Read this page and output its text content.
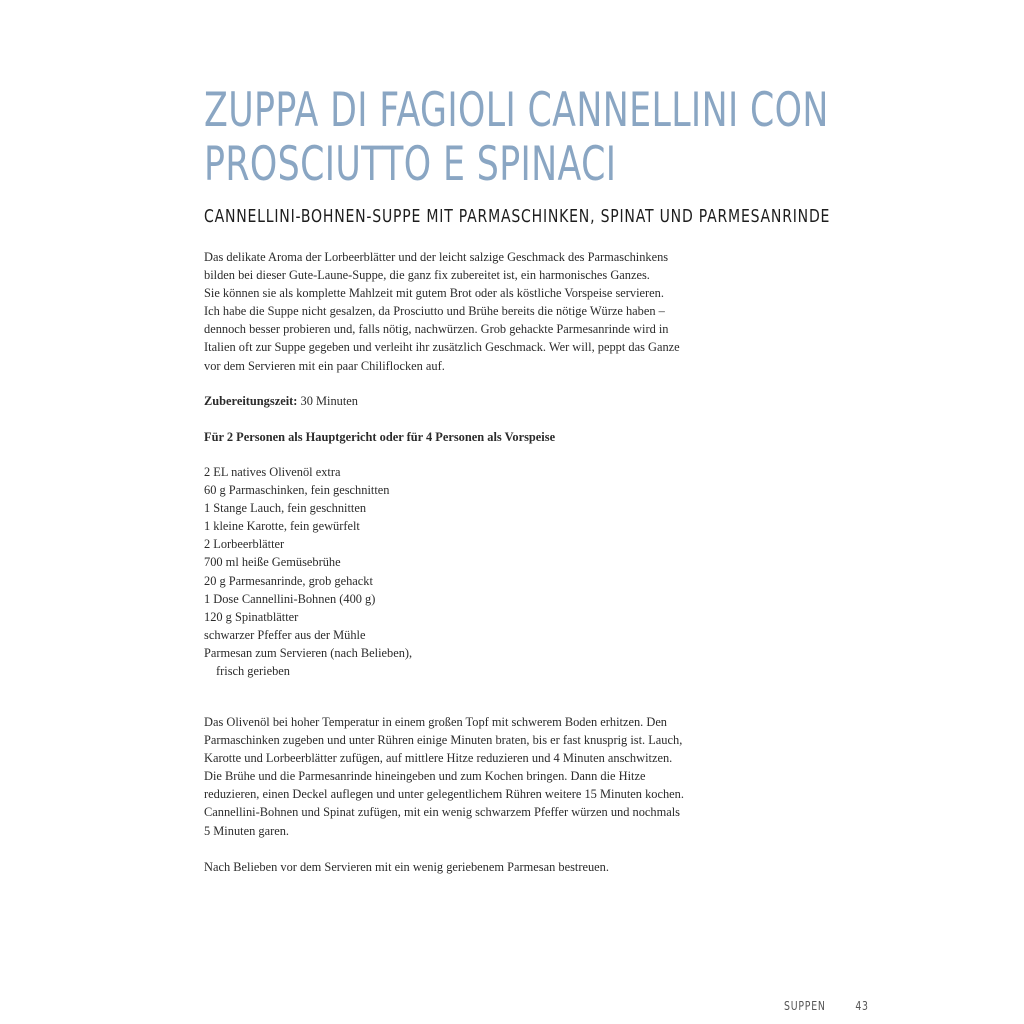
ZUPPA DI FAGIOLI CANNELLINI CON
PROSCIUTTO E SPINACI
CANNELLINI-BOHNEN-SUPPE MIT PARMASCHINKEN, SPINAT UND PARMESANRINDE
Das delikate Aroma der Lorbeerblätter und der leicht salzige Geschmack des Parmaschinkens
bilden bei dieser Gute-Laune-Suppe, die ganz fix zubereitet ist, ein harmonisches Ganzes.
Sie können sie als komplette Mahlzeit mit gutem Brot oder als köstliche Vorspeise servieren.
Ich habe die Suppe nicht gesalzen, da Prosciutto und Brühe bereits die nötige Würze haben –
dennoch besser probieren und, falls nötig, nachwürzen. Grob gehackte Parmesanrinde wird in
Italien oft zur Suppe gegeben und verleiht ihr zusätzlich Geschmack. Wer will, peppt das Ganze
vor dem Servieren mit ein paar Chiliflocken auf.
Zubereitungszeit: 30 Minuten
Für 2 Personen als Hauptgericht oder für 4 Personen als Vorspeise
2 EL natives Olivenöl extra
60 g Parmaschinken, fein geschnitten
1 Stange Lauch, fein geschnitten
1 kleine Karotte, fein gewürfelt
2 Lorbeerblätter
700 ml heiße Gemüsebrühe
20 g Parmesanrinde, grob gehackt
1 Dose Cannellini-Bohnen (400 g)
120 g Spinatblätter
schwarzer Pfeffer aus der Mühle
Parmesan zum Servieren (nach Belieben),
frisch gerieben
Das Olivenöl bei hoher Temperatur in einem großen Topf mit schwerem Boden erhitzen. Den
Parmaschinken zugeben und unter Rühren einige Minuten braten, bis er fast knusprig ist. Lauch,
Karotte und Lorbeerblätter zufügen, auf mittlere Hitze reduzieren und 4 Minuten anschwitzen.
Die Brühe und die Parmesanrinde hineingeben und zum Kochen bringen. Dann die Hitze
reduzieren, einen Deckel auflegen und unter gelegentlichem Rühren weitere 15 Minuten kochen.
Cannellini-Bohnen und Spinat zufügen, mit ein wenig schwarzem Pfeffer würzen und nochmals
5 Minuten garen.
Nach Belieben vor dem Servieren mit ein wenig geriebenem Parmesan bestreuen.
SUPPEN 43
